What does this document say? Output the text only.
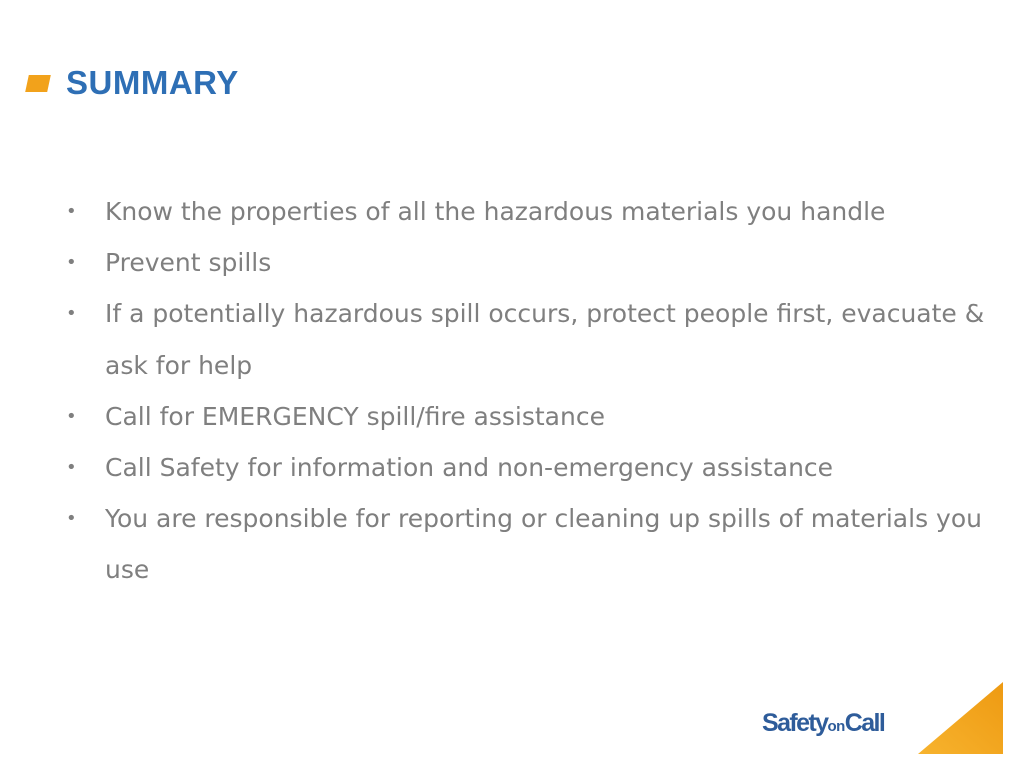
SUMMARY
• Know the properties of all the hazardous materials you handle
• Prevent spills
• If a potentially hazardous spill occurs, protect people first, evacuate & ask for help
• Call for EMERGENCY spill/fire assistance
• Call Safety for information and non-emergency assistance
• You are responsible for reporting or cleaning up spills of materials you use
SafetyonCall
